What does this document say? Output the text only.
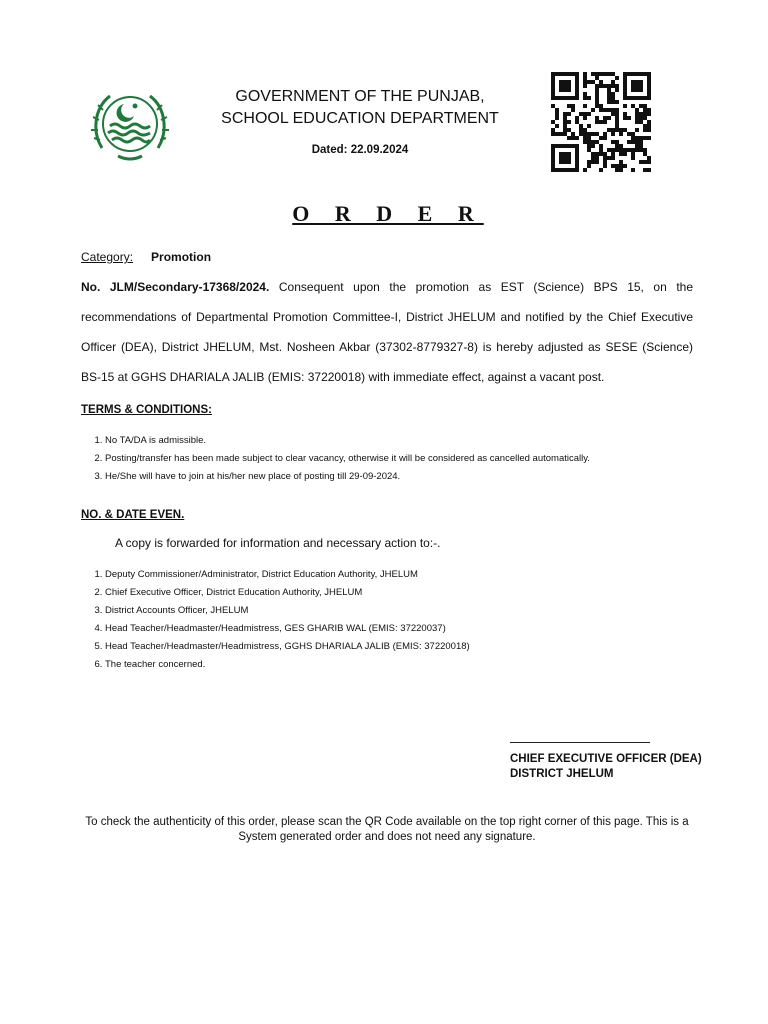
GOVERNMENT OF THE PUNJAB,
SCHOOL EDUCATION DEPARTMENT
Dated: 22.09.2024
O R D E R
Category: Promotion
No. JLM/Secondary-17368/2024. Consequent upon the promotion as EST (Science) BPS 15, on the recommendations of Departmental Promotion Committee-I, District JHELUM and notified by the Chief Executive Officer (DEA), District JHELUM, Mst. Nosheen Akbar (37302-8779327-8) is hereby adjusted as SESE (Science) BS-15 at GGHS DHARIALA JALIB (EMIS: 37220018) with immediate effect, against a vacant post.
TERMS & CONDITIONS:
1. No TA/DA is admissible.
2. Posting/transfer has been made subject to clear vacancy, otherwise it will be considered as cancelled automatically.
3. He/She will have to join at his/her new place of posting till 29-09-2024.
NO. & DATE EVEN.
A copy is forwarded for information and necessary action to:-.
1. Deputy Commissioner/Administrator, District Education Authority, JHELUM
2. Chief Executive Officer, District Education Authority, JHELUM
3. District Accounts Officer, JHELUM
4. Head Teacher/Headmaster/Headmistress, GES GHARIB WAL (EMIS: 37220037)
5. Head Teacher/Headmaster/Headmistress, GGHS DHARIALA JALIB (EMIS: 37220018)
6. The teacher concerned.
CHIEF EXECUTIVE OFFICER (DEA)
DISTRICT JHELUM
To check the authenticity of this order, please scan the QR Code available on the top right corner of this page. This is a System generated order and does not need any signature.
